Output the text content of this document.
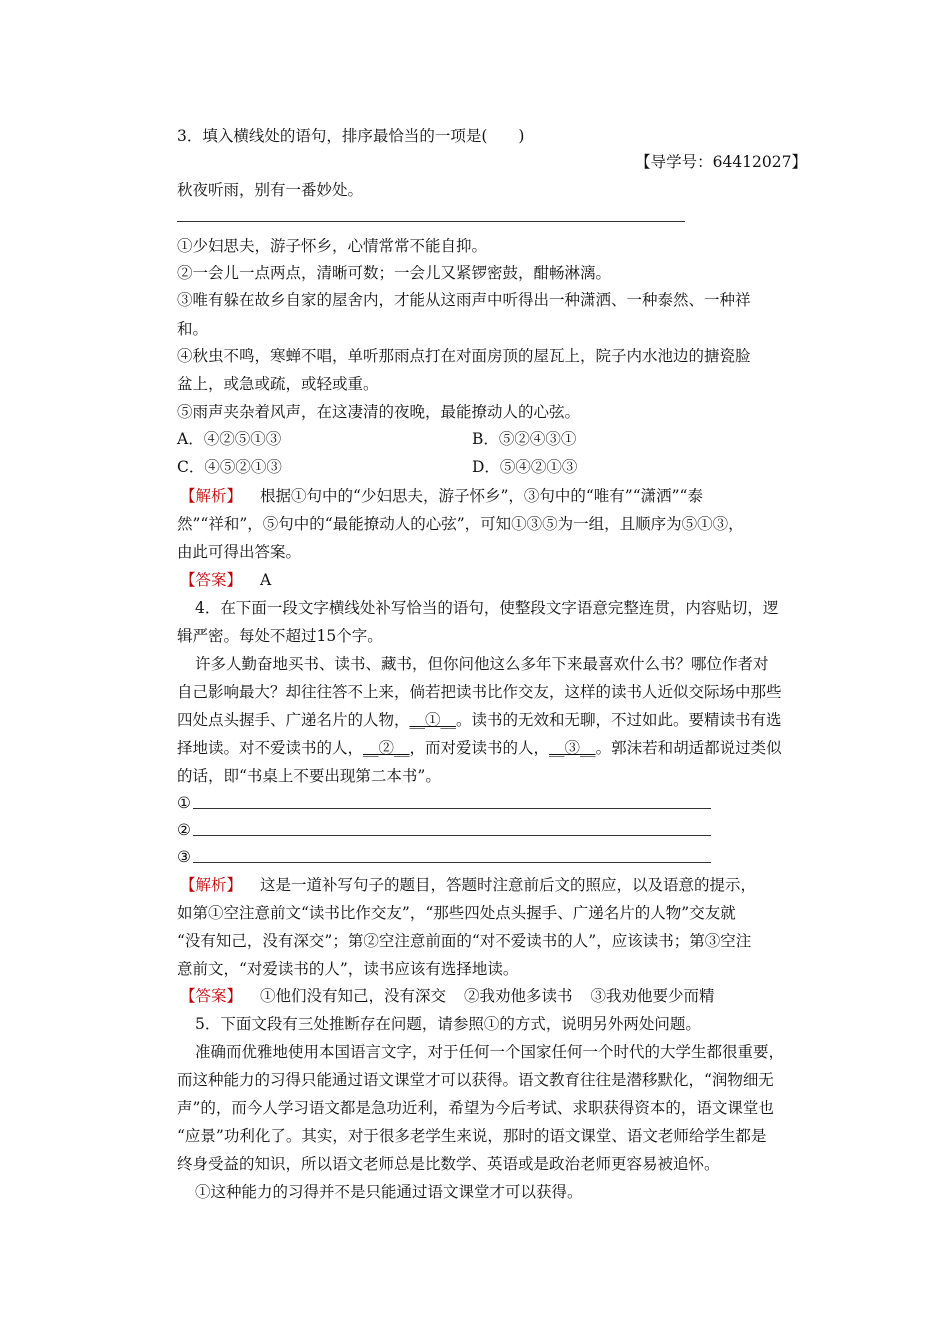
3．填入横线处的语句，排序最恰当的一项是(　　)
【导学号：64412027】
秋夜听雨，别有一番妙处。
①少妇思夫，游子怀乡，心情常常不能自抑。
②一会儿一点两点，清晰可数；一会儿又紧锣密鼓，酣畅淋漓。
③唯有躲在故乡自家的屋舍内，才能从这雨声中听得出一种潇洒、一种泰然、一种祥
和。
④秋虫不鸣，寒蝉不唱，单听那雨点打在对面房顶的屋瓦上，院子内水池边的搪瓷脸
盆上，或急或疏，或轻或重。
⑤雨声夹杂着风声，在这凄清的夜晚，最能撩动人的心弦。
A．④②⑤①③	B．⑤②④③①
C．④⑤②①③	D．⑤④②①③
【解析】 根据①句中的“少妇思夫，游子怀乡”，③句中的“唯有”“潇洒”“泰
然”“祥和”，⑤句中的“最能撩动人的心弦”，可知①③⑤为一组，且顺序为⑤①③，
由此可得出答案。
【答案】 A
4．在下面一段文字横线处补写恰当的语句，使整段文字语意完整连贯，内容贴切，逻
辑严密。每处不超过15个字。
许多人勤奋地买书、读书、藏书，但你问他这么多年下来最喜欢什么书？哪位作者对
自己影响最大？却往往答不上来，倘若把读书比作交友，这样的读书人近似交际场中那些
四处点头握手、广递名片的人物，__①__。读书的无效和无聊，不过如此。要精读书有选
择地读。对不爱读书的人，__②__，而对爱读书的人，__③__。郭沫若和胡适都说过类似
的话，即“书桌上不要出现第二本书”。
①
②
③
【解析】 这是一道补写句子的题目，答题时注意前后文的照应，以及语意的提示，
如第①空注意前文“读书比作交友”，“那些四处点头握手、广递名片的人物”交友就
“没有知己，没有深交”；第②空注意前面的“对不爱读书的人”，应该读书；第③空注
意前文，“对爱读书的人”，读书应该有选择地读。
【答案】 ①他们没有知己，没有深交 ②我劝他多读书 ③我劝他要少而精
5．下面文段有三处推断存在问题，请参照①的方式，说明另外两处问题。
准确而优雅地使用本国语言文字，对于任何一个国家任何一个时代的大学生都很重要，
而这种能力的习得只能通过语文课堂才可以获得。语文教育往往是潜移默化，“润物细无
声”的，而今人学习语文都是急功近利，希望为今后考试、求职获得资本的，语文课堂也
“应景”功利化了。其实，对于很多老学生来说，那时的语文课堂、语文老师给学生都是
终身受益的知识，所以语文老师总是比数学、英语或是政治老师更容易被追怀。
①这种能力的习得并不是只能通过语文课堂才可以获得。
